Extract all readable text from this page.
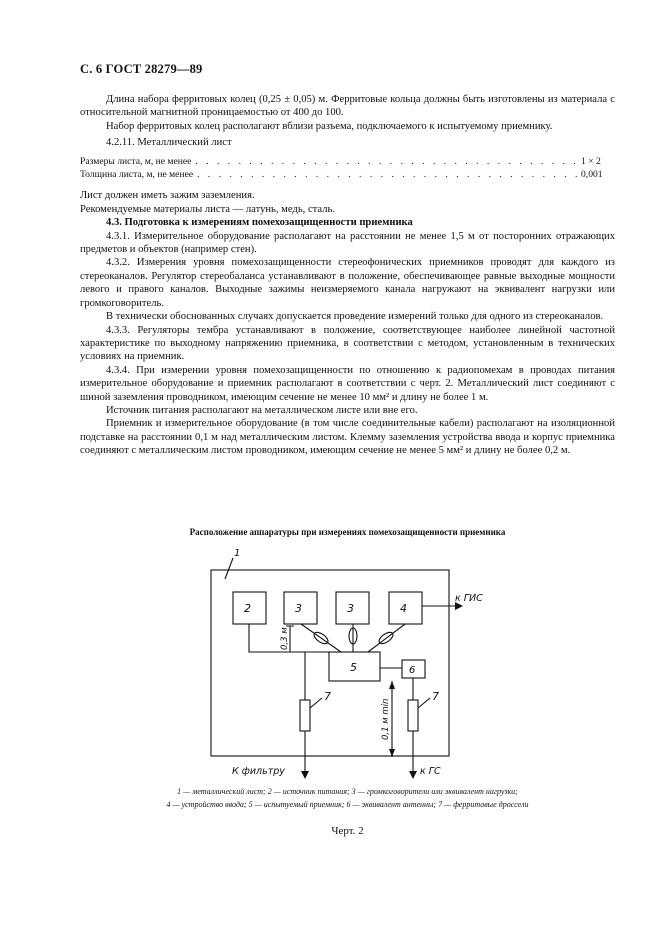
С. 6 ГОСТ 28279—89

Длина набора ферритовых колец (0,25 ± 0,05) м. Ферритовые кольца должны быть изготовлены из материала с относительной магнитной проницаемостью от 400 до 100.

Набор ферритовых колец располагают вблизи разъема, подключаемого к испытуемому приемнику.

4.2.11. Металлический лист

Размеры листа, м, не менее . . .	1 × 2
Толщина листа, м, не менее . . .	0,001

Лист должен иметь зажим заземления.

Рекомендуемые материалы листа — латунь, медь, сталь.

4.3. Подготовка к измерениям помехозащищенности приемника

4.3.1. Измерительное оборудование располагают на расстоянии не менее 1,5 м от посторонних отражающих предметов и объектов (например стен).

4.3.2. Измерения уровня помехозащищенности стереофонических приемников проводят для каждого из стереоканалов. Регулятор стереобаланса устанавливают в положение, обеспечивающее равные выходные мощности левого и правого каналов. Выходные зажимы неизмеряемого канала нагружают на эквивалент нагрузки или громкоговоритель.

В технически обоснованных случаях допускается проведение измерений только для одного из стереоканалов.

4.3.3. Регуляторы тембра устанавливают в положение, соответствующее наиболее линейной частотной характеристике по выходному напряжению приемника, в соответствии с методом, установленным в технических условиях на приемник.

4.3.4. При измерении уровня помехозащищенности по отношению к радиопомехам в проводах питания измерительное оборудование и приемник располагают в соответствии с черт. 2. Металлический лист соединяют с шиной заземления проводником, имеющим сечение не менее 10 мм² и длину не более 1 м.

Источник питания располагают на металлическом листе или вне его.

Приемник и измерительное оборудование (в том числе соединительные кабели) располагают на изоляционной подставке на расстоянии 0,1 м над металлическим листом. Клемму заземления устройства ввода и корпус приемника соединяют с металлическим листом проводником, имеющим сечение не менее 5 мм² и длину не более 0,2 м.

Расположение аппаратуры при измерениях помехозащищенности приемника
1
2	3	3	4
5	6
7	7
к ГИС
К фильтру	к ГС
0,3 м
0,1 м min

1 — металлический лист; 2 — источник питания; 3 — громкоговорители или эквивалент нагрузки;

4 — устройство ввода; 5 — испытуемый приемник; 6 — эквивалент антенны; 7 — ферритовые дроссели

Черт. 2
